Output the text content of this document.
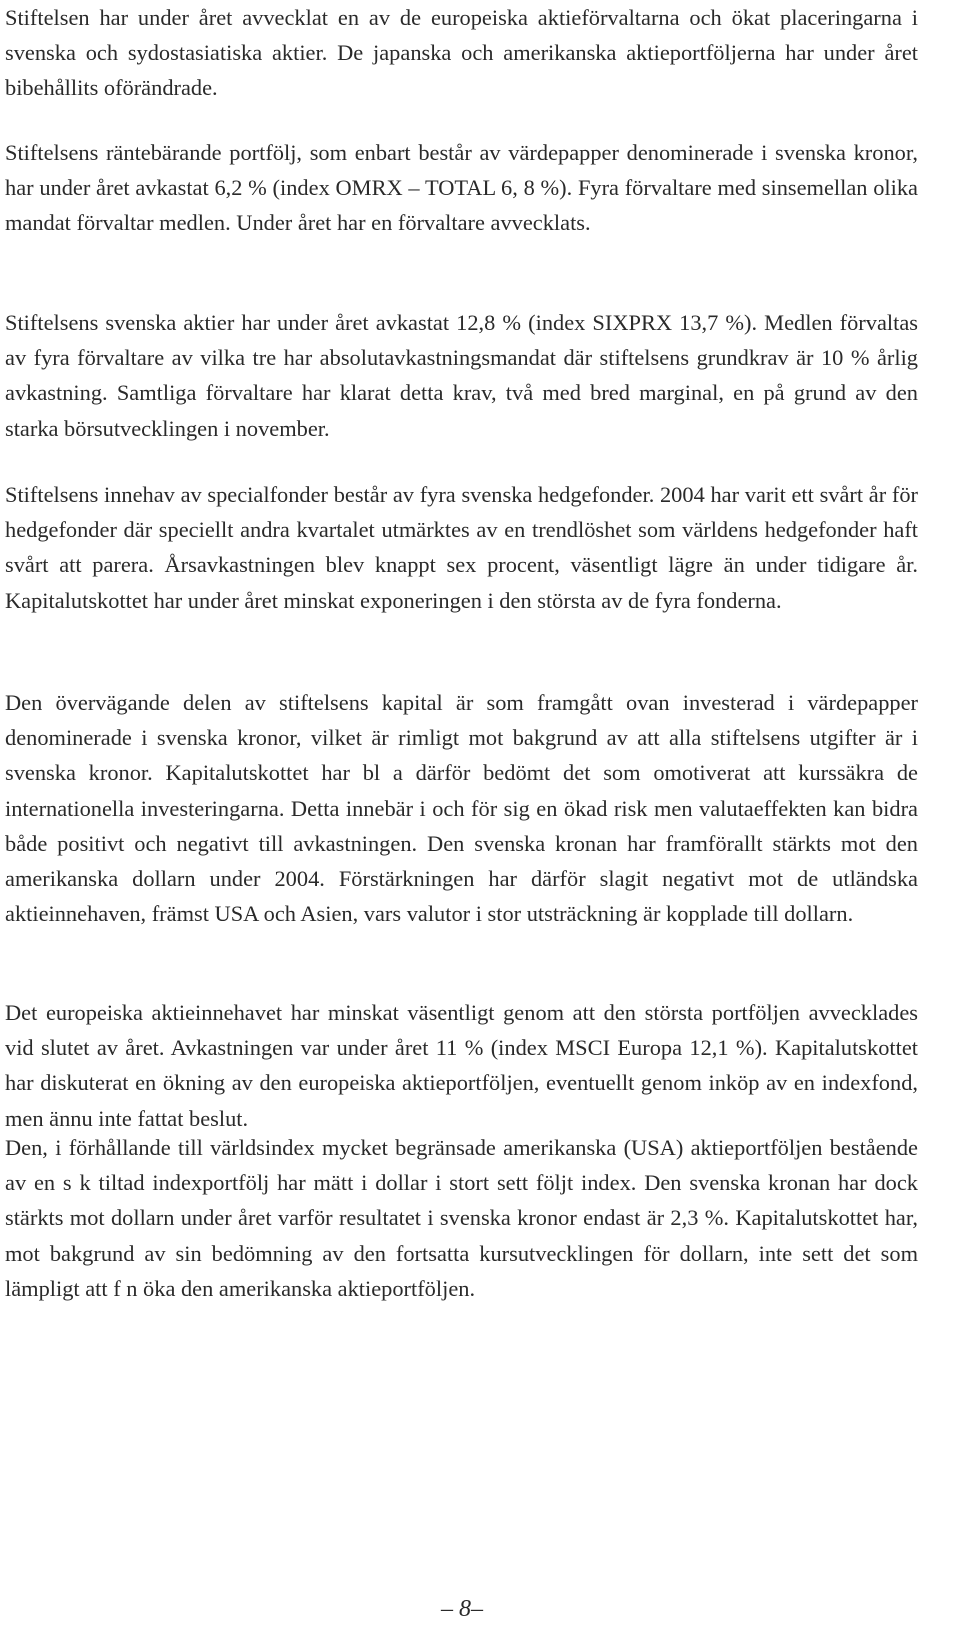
Stiftelsen har under året avvecklat en av de europeiska aktieförvaltarna och ökat placeringarna i svenska och sydostasiatiska aktier. De japanska och amerikanska aktieportföljerna har under året bibehållits oförändrade.

Stiftelsens räntebärande portfölj, som enbart består av värdepapper denominerade i svenska kronor, har under året avkastat 6,2 % (index OMRX – TOTAL 6, 8 %). Fyra förvaltare med sinsemellan olika mandat förvaltar medlen. Under året har en förvaltare avvecklats.

Stiftelsens svenska aktier har under året avkastat 12,8 % (index SIXPRX 13,7 %). Medlen förvaltas av fyra förvaltare av vilka tre har absolutavkastningsmandat där stiftelsens grundkrav är 10 % årlig avkastning. Samtliga förvaltare har klarat detta krav, två med bred marginal, en på grund av den starka börsutvecklingen i november.

Stiftelsens innehav av specialfonder består av fyra svenska hedgefonder. 2004 har varit ett svårt år för hedgefonder där speciellt andra kvartalet utmärktes av en trendlöshet som världens hedgefonder haft svårt att parera. Årsavkastningen blev knappt sex procent, väsentligt lägre än under tidigare år. Kapitalutskottet har under året minskat exponeringen i den största av de fyra fonderna.

Den övervägande delen av stiftelsens kapital är som framgått ovan investerad i värdepapper denominerade i svenska kronor, vilket är rimligt mot bakgrund av att alla stiftelsens utgifter är i svenska kronor. Kapitalutskottet har bl a därför bedömt det som omotiverat att kurssäkra de internationella investeringarna. Detta innebär i och för sig en ökad risk men valutaeffekten kan bidra både positivt och negativt till avkastningen. Den svenska kronan har framförallt stärkts mot den amerikanska dollarn under 2004. Förstärkningen har därför slagit negativt mot de utländska aktieinnehaven, främst USA och Asien, vars valutor i stor utsträckning är kopplade till dollarn.

Det europeiska aktieinnehavet har minskat väsentligt genom att den största portföljen avvecklades vid slutet av året. Avkastningen var under året 11 % (index MSCI Europa 12,1 %). Kapitalutskottet har diskuterat en ökning av den europeiska aktieportföljen, eventuellt genom inköp av en indexfond, men ännu inte fattat beslut.

Den, i förhållande till världsindex mycket begränsade amerikanska (USA) aktieportföljen bestående av en s k tiltad indexportfölj har mätt i dollar i stort sett följt index. Den svenska kronan har dock stärkts mot dollarn under året varför resultatet i svenska kronor endast är 2,3 %. Kapitalutskottet har, mot bakgrund av sin bedömning av den fortsatta kursutvecklingen för dollarn, inte sett det som lämpligt att f n öka den amerikanska aktieportföljen.

– 8–
